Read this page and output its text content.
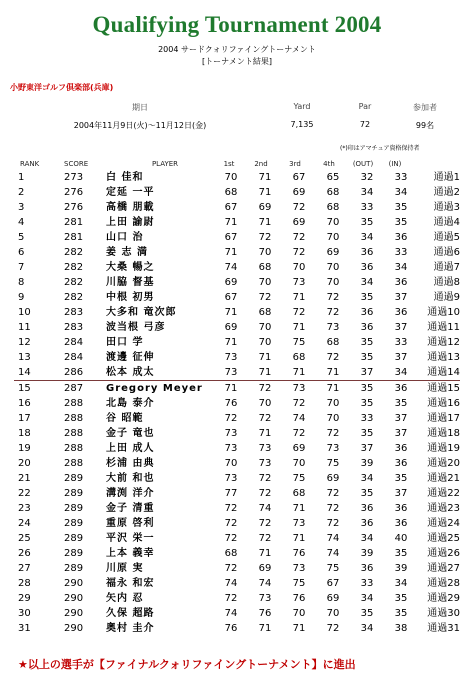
Qualifying Tournament 2004
2004 サードクォリファイングトーナメント
[トーナメント結果]
小野東洋ゴルフ倶楽部(兵庫)
期日	Yard	Par	参加者
2004年11月9日(火)〜11月12日(金)	7,135	72	99名
(*)印はアマチュア資格保持者
RANK	SCORE	PLAYER	1st	2nd	3rd	4th	(OUT)	(IN)
1	273	白 佳和	70	71	67	65	32	33	通過1
2	276	定延 一平	68	71	69	68	34	34	通過2
3	276	高橋 朋載	67	69	72	68	33	35	通過3
4	281	上田 諭尉	71	71	69	70	35	35	通過4
5	281	山口 治	67	72	72	70	34	36	通過5
6	282	姜 志 満	71	70	72	69	36	33	通過6
7	282	大桑 暢之	74	68	70	70	36	34	通過7
8	282	川脇 督基	69	70	73	70	34	36	通過8
9	282	中根 初男	67	72	71	72	35	37	通過9
10	283	大多和 竜次郎	71	68	72	72	36	36	通過10
11	283	波当根 弓彦	69	70	71	73	36	37	通過11
12	284	田口 学	71	70	75	68	35	33	通過12
13	284	渡邊 征伸	73	71	68	72	35	37	通過13
14	286	松本 成太	73	71	71	71	37	34	通過14
15	287	Gregory Meyer	71	72	73	71	35	36	通過15
16	288	北島 泰介	76	70	72	70	35	35	通過16
17	288	谷 昭範	72	72	74	70	33	37	通過17
18	288	金子 竜也	73	71	72	72	35	37	通過18
19	288	上田 成人	73	73	69	73	37	36	通過19
20	288	杉浦 由典	70	73	70	75	39	36	通過20
21	289	大前 和也	73	72	75	69	34	35	通過21
22	289	溝渕 洋介	77	72	68	72	35	37	通過22
23	289	金子 清重	72	74	71	72	36	36	通過23
24	289	重原 啓利	72	72	73	72	36	36	通過24
25	289	平沢 栄一	72	72	71	74	34	40	通過25
26	289	上本 義幸	68	71	76	74	39	35	通過26
27	289	川原 実	72	69	73	75	36	39	通過27
28	290	福永 和宏	74	74	75	67	33	34	通過28
29	290	矢内 忍	72	73	76	69	34	35	通過29
30	290	久保 超路	74	76	70	70	35	35	通過30
31	290	奥村 圭介	76	71	71	72	34	38	通過31
★以上の選手が【ファイナルクォリファイングトーナメント】に進出
